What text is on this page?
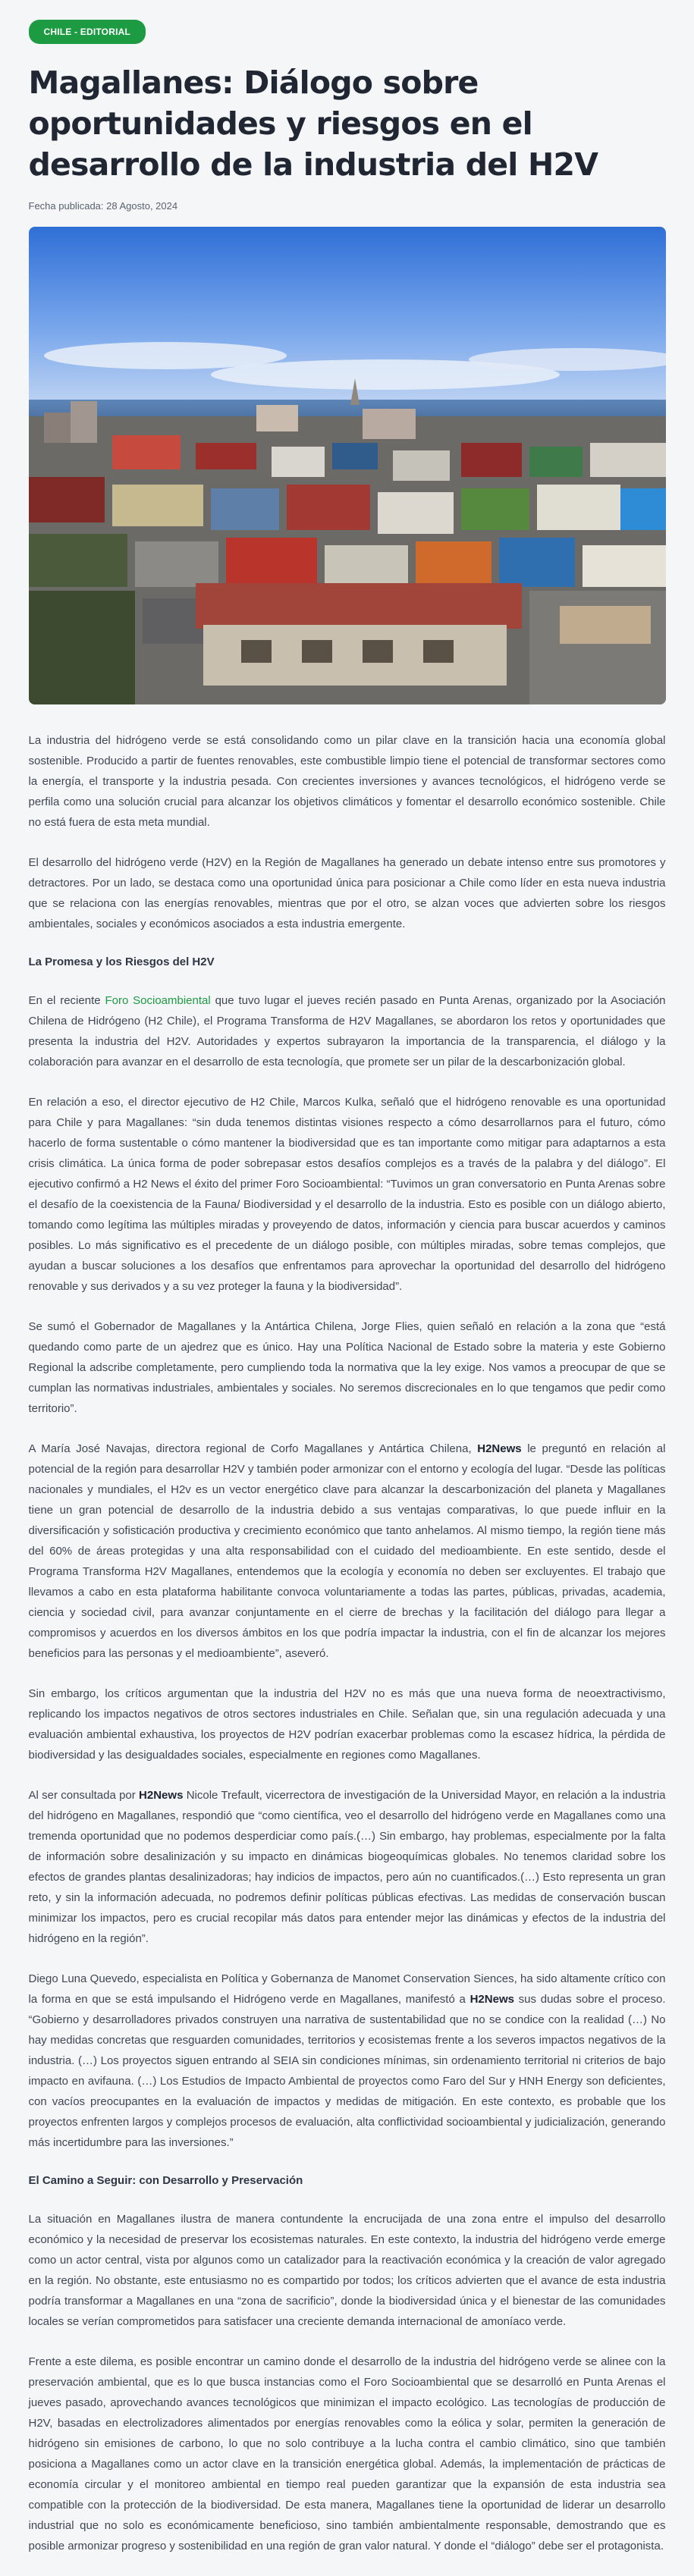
CHILE - EDITORIAL
Magallanes: Diálogo sobre oportunidades y riesgos en el desarrollo de la industria del H2V
Fecha publicada: 28 Agosto, 2024

La industria del hidrógeno verde se está consolidando como un pilar clave en la transición hacia una economía global sostenible. Producido a partir de fuentes renovables, este combustible limpio tiene el potencial de transformar sectores como la energía, el transporte y la industria pesada. Con crecientes inversiones y avances tecnológicos, el hidrógeno verde se perfila como una solución crucial para alcanzar los objetivos climáticos y fomentar el desarrollo económico sostenible. Chile no está fuera de esta meta mundial.

El desarrollo del hidrógeno verde (H2V) en la Región de Magallanes ha generado un debate intenso entre sus promotores y detractores. Por un lado, se destaca como una oportunidad única para posicionar a Chile como líder en esta nueva industria que se relaciona con las energías renovables, mientras que por el otro, se alzan voces que advierten sobre los riesgos ambientales, sociales y económicos asociados a esta industria emergente.

La Promesa y los Riesgos del H2V

En el reciente Foro Socioambiental que tuvo lugar el jueves recién pasado en Punta Arenas, organizado por la Asociación Chilena de Hidrógeno (H2 Chile), el Programa Transforma de H2V Magallanes, se abordaron los retos y oportunidades que presenta la industria del H2V. Autoridades y expertos subrayaron la importancia de la transparencia, el diálogo y la colaboración para avanzar en el desarrollo de esta tecnología, que promete ser un pilar de la descarbonización global.

En relación a eso, el director ejecutivo de H2 Chile, Marcos Kulka, señaló que el hidrógeno renovable es una oportunidad para Chile y para Magallanes: “sin duda tenemos distintas visiones respecto a cómo desarrollarnos para el futuro, cómo hacerlo de forma sustentable o cómo mantener la biodiversidad que es tan importante como mitigar para adaptarnos a esta crisis climática. La única forma de poder sobrepasar estos desafíos complejos es a través de la palabra y del diálogo”. El ejecutivo confirmó a H2 News el éxito del primer Foro Socioambiental: “Tuvimos un gran conversatorio en Punta Arenas sobre el desafío de la coexistencia de la Fauna/ Biodiversidad y el desarrollo de la industria. Esto es posible con un diálogo abierto, tomando como legítima las múltiples miradas y proveyendo de datos, información y ciencia para buscar acuerdos y caminos posibles. Lo más significativo es el precedente de un diálogo posible, con múltiples miradas, sobre temas complejos, que ayudan a buscar soluciones a los desafíos que enfrentamos para aprovechar la oportunidad del desarrollo del hidrógeno renovable y sus derivados y a su vez proteger la fauna y la biodiversidad”.

Se sumó el Gobernador de Magallanes y la Antártica Chilena, Jorge Flies, quien señaló en relación a la zona que “está quedando como parte de un ajedrez que es único. Hay una Política Nacional de Estado sobre la materia y este Gobierno Regional la adscribe completamente, pero cumpliendo toda la normativa que la ley exige. Nos vamos a preocupar de que se cumplan las normativas industriales, ambientales y sociales. No seremos discrecionales en lo que tengamos que pedir como territorio”.

A María José Navajas, directora regional de Corfo Magallanes y Antártica Chilena, H2News le preguntó en relación al potencial de la región para desarrollar H2V y también poder armonizar con el entorno y ecología del lugar. “Desde las políticas nacionales y mundiales, el H2v es un vector energético clave para alcanzar la descarbonización del planeta y Magallanes tiene un gran potencial de desarrollo de la industria debido a sus ventajas comparativas, lo que puede influir en la diversificación y sofisticación productiva y crecimiento económico que tanto anhelamos. Al mismo tiempo, la región tiene más del 60% de áreas protegidas y una alta responsabilidad con el cuidado del medioambiente. En este sentido, desde el Programa Transforma H2V Magallanes, entendemos que la ecología y economía no deben ser excluyentes. El trabajo que llevamos a cabo en esta plataforma habilitante convoca voluntariamente a todas las partes, públicas, privadas, academia, ciencia y sociedad civil, para avanzar conjuntamente en el cierre de brechas y la facilitación del diálogo para llegar a compromisos y acuerdos en los diversos ámbitos en los que podría impactar la industria, con el fin de alcanzar los mejores beneficios para las personas y el medioambiente”, aseveró.

Sin embargo, los críticos argumentan que la industria del H2V no es más que una nueva forma de neoextractivismo, replicando los impactos negativos de otros sectores industriales en Chile. Señalan que, sin una regulación adecuada y una evaluación ambiental exhaustiva, los proyectos de H2V podrían exacerbar problemas como la escasez hídrica, la pérdida de biodiversidad y las desigualdades sociales, especialmente en regiones como Magallanes.

Al ser consultada por H2News Nicole Trefault, vicerrectora de investigación de la Universidad Mayor, en relación a la industria del hidrógeno en Magallanes, respondió que “como científica, veo el desarrollo del hidrógeno verde en Magallanes como una tremenda oportunidad que no podemos desperdiciar como país.(…) Sin embargo, hay problemas, especialmente por la falta de información sobre desalinización y su impacto en dinámicas biogeoquímicas globales. No tenemos claridad sobre los efectos de grandes plantas desalinizadoras; hay indicios de impactos, pero aún no cuantificados.(…) Esto representa un gran reto, y sin la información adecuada, no podremos definir políticas públicas efectivas. Las medidas de conservación buscan minimizar los impactos, pero es crucial recopilar más datos para entender mejor las dinámicas y efectos de la industria del hidrógeno en la región”.

Diego Luna Quevedo, especialista en Política y Gobernanza de Manomet Conservation Siences, ha sido altamente crítico con la forma en que se está impulsando el Hidrógeno verde en Magallanes, manifestó a H2News sus dudas sobre el proceso. “Gobierno y desarrolladores privados construyen una narrativa de sustentabilidad que no se condice con la realidad (…) No hay medidas concretas que resguarden comunidades, territorios y ecosistemas frente a los severos impactos negativos de la industria. (…) Los proyectos siguen entrando al SEIA sin condiciones mínimas, sin ordenamiento territorial ni criterios de bajo impacto en avifauna. (…) Los Estudios de Impacto Ambiental de proyectos como Faro del Sur y HNH Energy son deficientes, con vacíos preocupantes en la evaluación de impactos y medidas de mitigación. En este contexto, es probable que los proyectos enfrenten largos y complejos procesos de evaluación, alta conflictividad socioambiental y judicialización, generando más incertidumbre para las inversiones.”

El Camino a Seguir: con Desarrollo y Preservación

La situación en Magallanes ilustra de manera contundente la encrucijada de una zona entre el impulso del desarrollo económico y la necesidad de preservar los ecosistemas naturales. En este contexto, la industria del hidrógeno verde emerge como un actor central, vista por algunos como un catalizador para la reactivación económica y la creación de valor agregado en la región. No obstante, este entusiasmo no es compartido por todos; los críticos advierten que el avance de esta industria podría transformar a Magallanes en una “zona de sacrificio”, donde la biodiversidad única y el bienestar de las comunidades locales se verían comprometidos para satisfacer una creciente demanda internacional de amoníaco verde.

Frente a este dilema, es posible encontrar un camino donde el desarrollo de la industria del hidrógeno verde se alinee con la preservación ambiental, que es lo que busca instancias como el Foro Socioambiental que se desarrolló en Punta Arenas el jueves pasado, aprovechando avances tecnológicos que minimizan el impacto ecológico. Las tecnologías de producción de H2V, basadas en electrolizadores alimentados por energías renovables como la eólica y solar, permiten la generación de hidrógeno sin emisiones de carbono, lo que no solo contribuye a la lucha contra el cambio climático, sino que también posiciona a Magallanes como un actor clave en la transición energética global. Además, la implementación de prácticas de economía circular y el monitoreo ambiental en tiempo real pueden garantizar que la expansión de esta industria sea compatible con la protección de la biodiversidad. De esta manera, Magallanes tiene la oportunidad de liderar un desarrollo industrial que no solo es económicamente beneficioso, sino también ambientalmente responsable, demostrando que es posible armonizar progreso y sostenibilidad en una región de gran valor natural. Y donde el “diálogo” debe ser el protagonista.
